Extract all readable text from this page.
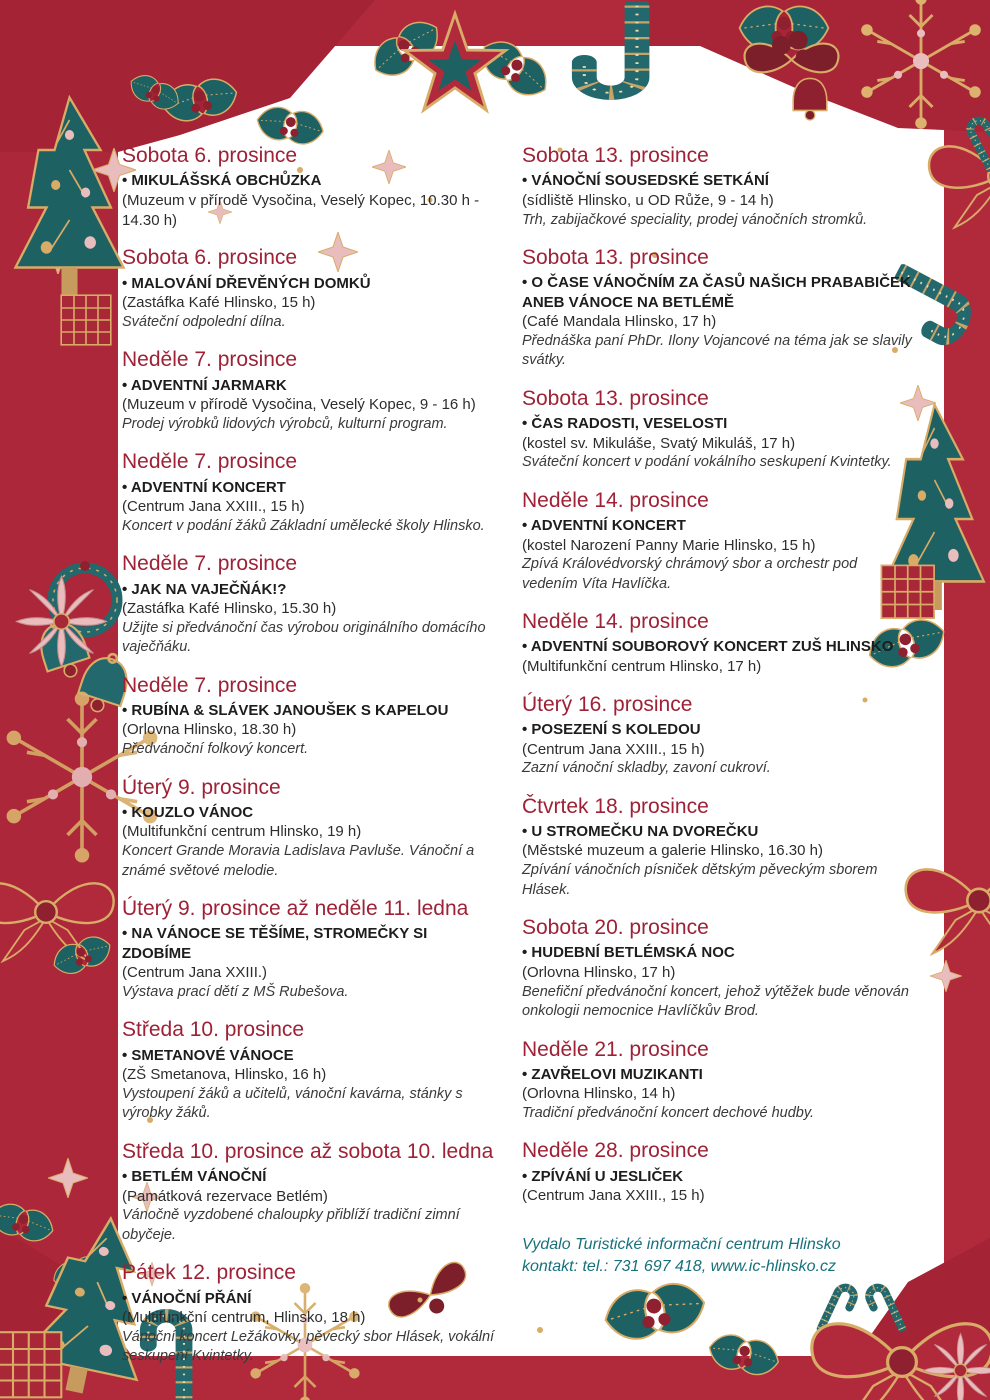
Sobota 6. prosince
• MIKULÁŠSKÁ OBCHŮZKA
(Muzeum v přírodě Vysočina, Veselý Kopec, 10.30 h - 14.30 h)
Sobota 6. prosince
• MALOVÁNÍ DŘEVĚNÝCH DOMKŮ
(Zastáfka Kafé Hlinsko, 15 h)
Sváteční odpolední dílna.
Neděle 7. prosince
• ADVENTNÍ JARMARK
(Muzeum v přírodě Vysočina, Veselý Kopec, 9 - 16 h)
Prodej výrobků lidových výrobců, kulturní program.
Neděle 7. prosince
• ADVENTNÍ KONCERT
(Centrum Jana XXIII., 15 h)
Koncert v podání žáků Základní umělecké školy Hlinsko.
Neděle 7. prosince
• JAK NA VAJEČŇÁK!?
(Zastáfka Kafé Hlinsko, 15.30 h)
Užijte si předvánoční čas výrobou originálního domácího vaječňáku.
Neděle 7. prosince
• RUBÍNA & SLÁVEK JANOUŠEK S KAPELOU
(Orlovna Hlinsko, 18.30 h)
Předvánoční folkový koncert.
Úterý 9. prosince
• KOUZLO VÁNOC
(Multifunkční centrum Hlinsko, 19 h)
Koncert Grande Moravia Ladislava Pavluše. Vánoční a známé světové melodie.
Úterý 9. prosince až neděle 11. ledna
• NA VÁNOCE SE TĚŠÍME, STROMEČKY SI ZDOBÍME
(Centrum Jana XXIII.)
Výstava prací dětí z MŠ Rubešova.
Středa 10. prosince
• SMETANOVÉ VÁNOCE
(ZŠ Smetanova, Hlinsko, 16 h)
Vystoupení žáků a učitelů, vánoční kavárna, stánky s výrobky žáků.
Středa 10. prosince až sobota 10. ledna
• BETLÉM VÁNOČNÍ
(Památková rezervace Betlém)
Vánočně vyzdobené chaloupky přiblíží tradiční zimní obyčeje.
Pátek 12. prosince
• VÁNOČNÍ PŘÁNÍ
(Multifunkční centrum, Hlinsko, 18 h)
Vánoční koncert Ležákovky, pěvecký sbor Hlásek, vokální seskupení Kvintetky.
Sobota 13. prosince
• VÁNOČNÍ SOUSEDSKÉ SETKÁNÍ
(sídliště Hlinsko, u OD Růže, 9 - 14 h)
Trh, zabijačkové speciality, prodej vánočních stromků.
Sobota 13. prosince
• O ČASE VÁNOČNÍM ZA ČASŮ NAŠICH PRABABIČEK ANEB VÁNOCE NA BETLÉMĚ
(Café Mandala Hlinsko, 17 h)
Přednáška paní PhDr. Ilony Vojancové na téma jak se slavily svátky.
Sobota 13. prosince
• ČAS RADOSTI, VESELOSTI
(kostel sv. Mikuláše, Svatý Mikuláš, 17 h)
Sváteční koncert v podání vokálního seskupení Kvintetky.
Neděle 14. prosince
• ADVENTNÍ KONCERT
(kostel Narození Panny Marie Hlinsko, 15 h)
Zpívá Královédvorský chrámový sbor a orchestr pod vedením Víta Havlíčka.
Neděle 14. prosince
• ADVENTNÍ SOUBOROVÝ KONCERT ZUŠ HLINSKO
(Multifunkční centrum Hlinsko, 17 h)
Úterý 16. prosince
• POSEZENÍ S KOLEDOU
(Centrum Jana XXIII., 15 h)
Zazní vánoční skladby, zavoní cukroví.
Čtvrtek 18. prosince
• U STROMEČKU NA DVOREČKU
(Městské muzeum a galerie Hlinsko, 16.30 h)
Zpívání vánočních písniček dětským pěveckým sborem Hlásek.
Sobota 20. prosince
• HUDEBNÍ BETLÉMSKÁ NOC
(Orlovna Hlinsko, 17 h)
Benefiční předvánoční koncert, jehož výtěžek bude věnován onkologii nemocnice Havlíčkův Brod.
Neděle 21. prosince
• ZAVŘELOVI MUZIKANTI
(Orlovna Hlinsko, 14 h)
Tradiční předvánoční koncert dechové hudby.
Neděle 28. prosince
• ZPÍVÁNÍ U JESLIČEK
(Centrum Jana XXIII., 15 h)
Vydalo Turistické informační centrum Hlinsko
kontakt: tel.: 731 697 418, www.ic-hlinsko.cz
